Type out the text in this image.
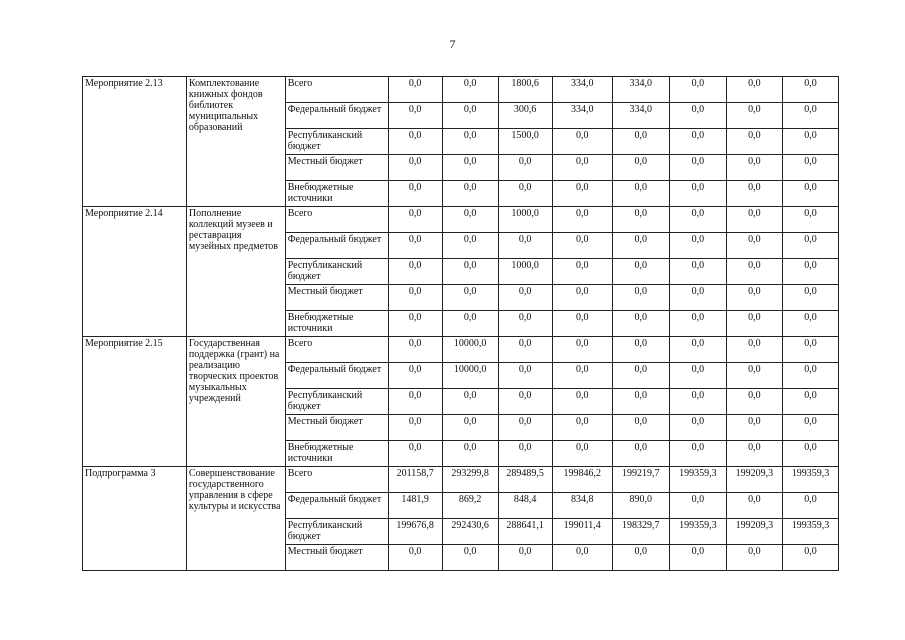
7
Мероприятие 2.13	Комплектование книжных фондов библиотек муниципальных образований	Всего	0,0	0,0	1800,6	334,0	334,0	0,0	0,0	0,0
		Федеральный бюджет	0,0	0,0	300,6	334,0	334,0	0,0	0,0	0,0
		Республиканский бюджет	0,0	0,0	1500,0	0,0	0,0	0,0	0,0	0,0
		Местный бюджет	0,0	0,0	0,0	0,0	0,0	0,0	0,0	0,0
		Внебюджетные источники	0,0	0,0	0,0	0,0	0,0	0,0	0,0	0,0
Мероприятие 2.14	Пополнение коллекций музеев и реставрация музейных предметов	Всего	0,0	0,0	1000,0	0,0	0,0	0,0	0,0	0,0
		Федеральный бюджет	0,0	0,0	0,0	0,0	0,0	0,0	0,0	0,0
		Республиканский бюджет	0,0	0,0	1000,0	0,0	0,0	0,0	0,0	0,0
		Местный бюджет	0,0	0,0	0,0	0,0	0,0	0,0	0,0	0,0
		Внебюджетные источники	0,0	0,0	0,0	0,0	0,0	0,0	0,0	0,0
Мероприятие 2.15	Государственная поддержка (грант) на реализацию творческих проектов музыкальных учреждений	Всего	0,0	10000,0	0,0	0,0	0,0	0,0	0,0	0,0
		Федеральный бюджет	0,0	10000,0	0,0	0,0	0,0	0,0	0,0	0,0
		Республиканский бюджет	0,0	0,0	0,0	0,0	0,0	0,0	0,0	0,0
		Местный бюджет	0,0	0,0	0,0	0,0	0,0	0,0	0,0	0,0
		Внебюджетные источники	0,0	0,0	0,0	0,0	0,0	0,0	0,0	0,0
Подпрограмма 3	Совершенствование государственного управления в сфере культуры и искусства	Всего	201158,7	293299,8	289489,5	199846,2	199219,7	199359,3	199209,3	199359,3
		Федеральный бюджет	1481,9	869,2	848,4	834,8	890,0	0,0	0,0	0,0
		Республиканский бюджет	199676,8	292430,6	288641,1	199011,4	198329,7	199359,3	199209,3	199359,3
		Местный бюджет	0,0	0,0	0,0	0,0	0,0	0,0	0,0	0,0
